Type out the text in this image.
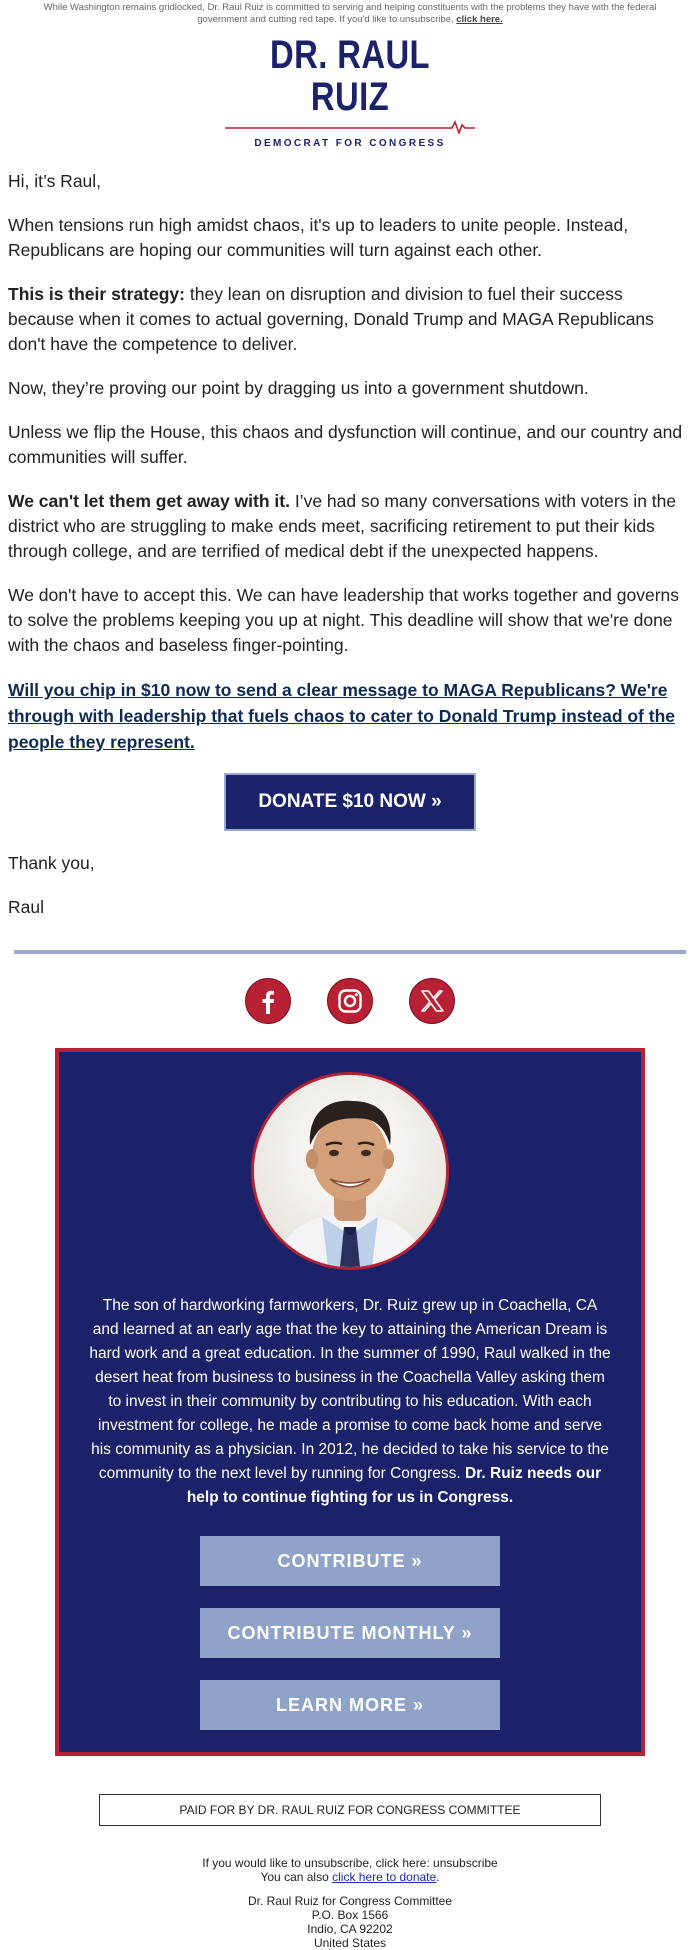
While Washington remains gridlocked, Dr. Raul Ruiz is committed to serving and helping constituents with the problems they have with the federal government and cutting red tape. If you'd like to unsubscribe, click here.
DR. RAUL RUIZ
DEMOCRAT FOR CONGRESS

Hi, it’s Raul,

When tensions run high amidst chaos, it's up to leaders to unite people. Instead, Republicans are hoping our communities will turn against each other.

This is their strategy: they lean on disruption and division to fuel their success because when it comes to actual governing, Donald Trump and MAGA Republicans don't have the competence to deliver.

Now, they’re proving our point by dragging us into a government shutdown.

Unless we flip the House, this chaos and dysfunction will continue, and our country and communities will suffer.

We can't let them get away with it. I’ve had so many conversations with voters in the district who are struggling to make ends meet, sacrificing retirement to put their kids through college, and are terrified of medical debt if the unexpected happens.

We don't have to accept this. We can have leadership that works together and governs to solve the problems keeping you up at night. This deadline will show that we're done with the chaos and baseless finger-pointing.

Will you chip in $10 now to send a clear message to MAGA Republicans? We're through with leadership that fuels chaos to cater to Donald Trump instead of the people they represent.

DONATE $10 NOW »

Thank you,

Raul

The son of hardworking farmworkers, Dr. Ruiz grew up in Coachella, CA and learned at an early age that the key to attaining the American Dream is hard work and a great education. In the summer of 1990, Raul walked in the desert heat from business to business in the Coachella Valley asking them to invest in their community by contributing to his education. With each investment for college, he made a promise to come back home and serve his community as a physician. In 2012, he decided to take his service to the community to the next level by running for Congress. Dr. Ruiz needs our help to continue fighting for us in Congress.
CONTRIBUTE »
CONTRIBUTE MONTHLY »
LEARN MORE »
PAID FOR BY DR. RAUL RUIZ FOR CONGRESS COMMITTEE
If you would like to unsubscribe, click here: unsubscribe
You can also click here to donate.
Dr. Raul Ruiz for Congress Committee
P.O. Box 1566
Indio, CA 92202
United States
